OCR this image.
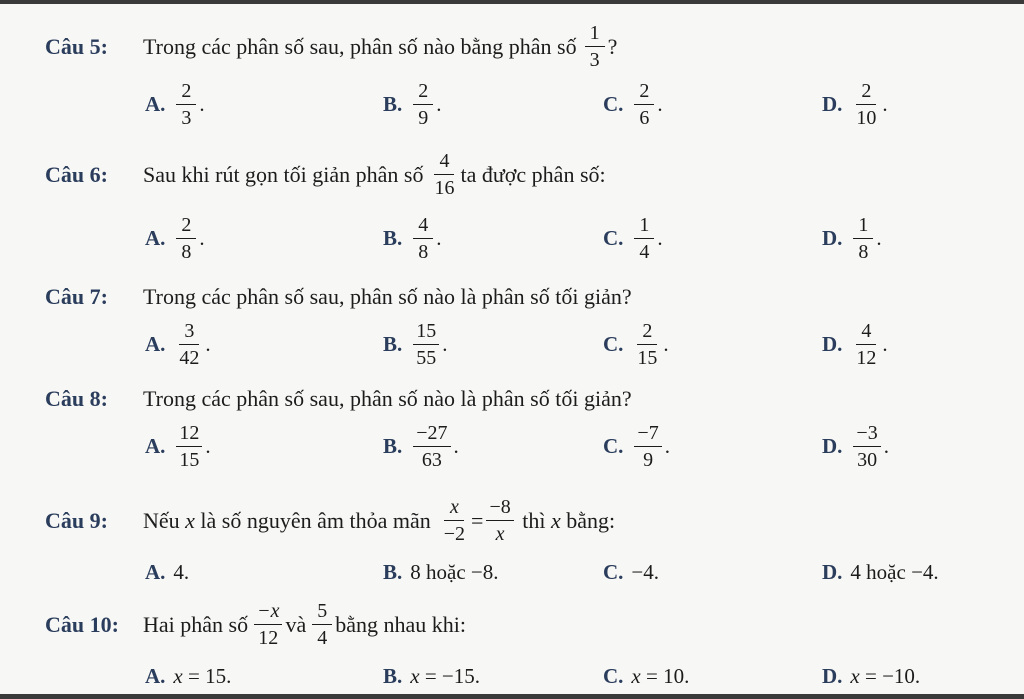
Câu 5:	Trong các phân số sau, phân số nào bằng phân số $\frac{1}{3}$ ?
A. $\frac{2}{3}$ .	B. $\frac{2}{9}$ .	C. $\frac{2}{6}$ .	D. $\frac{2}{10}$ .
Câu 6:	Sau khi rút gọn tối giản phân số $\frac{4}{16}$ ta được phân số:
A. $\frac{2}{8}$ .	B. $\frac{4}{8}$ .	C. $\frac{1}{4}$ .	D. $\frac{1}{8}$ .
Câu 7:	Trong các phân số sau, phân số nào là phân số tối giản?
A. $\frac{3}{42}$ .	B. $\frac{15}{55}$ .	C. $\frac{2}{15}$ .	D. $\frac{4}{12}$ .
Câu 8:	Trong các phân số sau, phân số nào là phân số tối giản?
A. $\frac{12}{15}$ .	B. $\frac{-27}{63}$ .	C. $\frac{-7}{9}$ .	D. $\frac{-3}{30}$ .
Câu 9:	Nếu
x
là số nguyên âm thỏa mãn $\frac{x}{-2} = \frac{-8}{x}$
thì
x
bằng:
A. 4.	B. 8 hoặc −8.	C. −4.	D. 4 hoặc −4.
Câu 10:	Hai phân số $\frac{-x}{12}$ và $\frac{5}{4}$ bằng nhau khi:
A. x
= 15.	B. x
= −15.	C. x
= 10.	D. x
= −10.
